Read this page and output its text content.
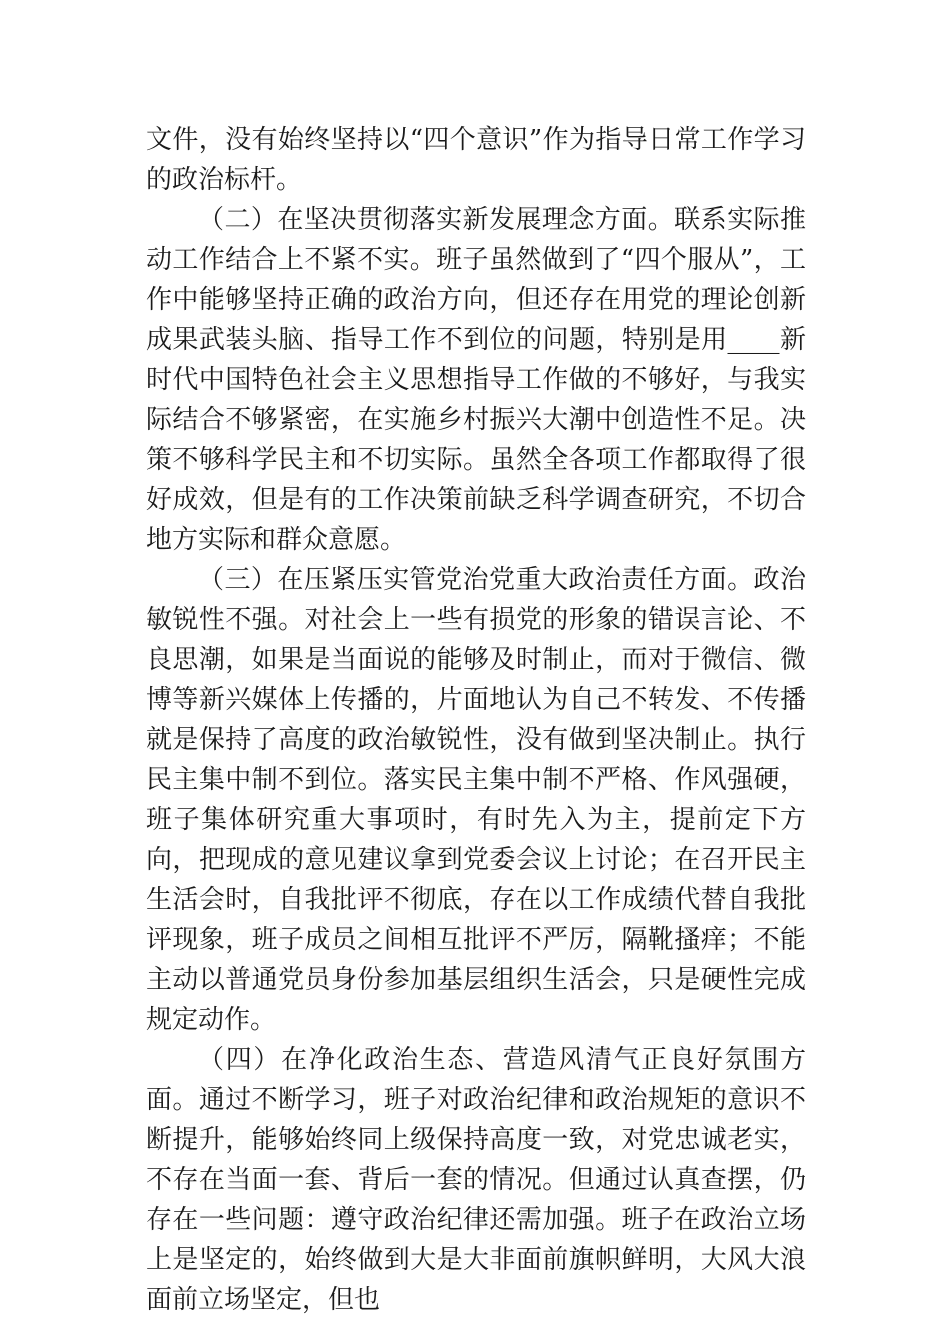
文件，没有始终坚持以“四个意识”作为指导日常工作学习的政治标杆。

（二）在坚决贯彻落实新发展理念方面。联系实际推动工作结合上不紧不实。班子虽然做到了“四个服从”，工作中能够坚持正确的政治方向，但还存在用党的理论创新成果武装头脑、指导工作不到位的问题，特别是用____新时代中国特色社会主义思想指导工作做的不够好，与我实际结合不够紧密，在实施乡村振兴大潮中创造性不足。决策不够科学民主和不切实际。虽然全各项工作都取得了很好成效，但是有的工作决策前缺乏科学调查研究，不切合地方实际和群众意愿。

（三）在压紧压实管党治党重大政治责任方面。政治敏锐性不强。对社会上一些有损党的形象的错误言论、不良思潮，如果是当面说的能够及时制止，而对于微信、微博等新兴媒体上传播的，片面地认为自己不转发、不传播就是保持了高度的政治敏锐性，没有做到坚决制止。执行民主集中制不到位。落实民主集中制不严格、作风强硬，班子集体研究重大事项时，有时先入为主，提前定下方向，把现成的意见建议拿到党委会议上讨论；在召开民主生活会时，自我批评不彻底，存在以工作成绩代替自我批评现象，班子成员之间相互批评不严厉，隔靴搔痒；不能主动以普通党员身份参加基层组织生活会，只是硬性完成规定动作。

（四）在净化政治生态、营造风清气正良好氛围方面。通过不断学习，班子对政治纪律和政治规矩的意识不断提升，能够始终同上级保持高度一致，对党忠诚老实，不存在当面一套、背后一套的情况。但通过认真查摆，仍存在一些问题：遵守政治纪律还需加强。班子在政治立场上是坚定的，始终做到大是大非面前旗帜鲜明，大风大浪面前立场坚定，但也
